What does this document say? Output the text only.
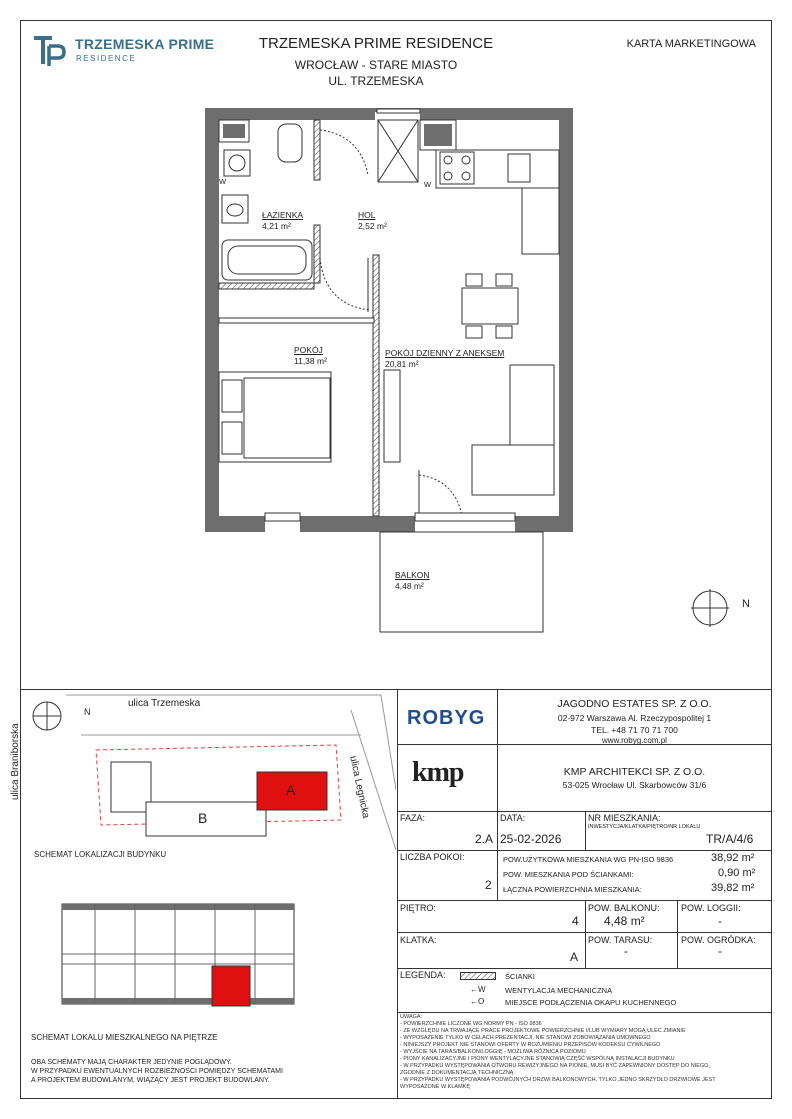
TRZEMESKA PRIME
RESIDENCE
TRZEMESKA PRIME RESIDENCE
WROCŁAW - STARE MIASTO
UL. TRZEMESKA
KARTA MARKETINGOWA
ŁAZIENKA
4,21 m²
HOL
2,52 m²
POKÓJ
11,38 m²
POKÓJ DZIENNY Z ANEKSEM
20,81 m²
BALKON
4,48 m²
W	W
N
N
ulica Trzemeska
ulica Braniborska	ulica Legnicka
A
B
SCHEMAT LOKALIZACJI BUDYNKU
SCHEMAT LOKALU MIESZKALNEGO NA PIĘTRZE
OBA SCHEMATY MAJĄ CHARAKTER JEDYNIE POGLĄDOWY.
W PRZYPADKU EWENTUALNYCH ROZBIEŻNOŚCI POMIĘDZY SCHEMATAMI
A PROJEKTEM BUDOWLANYM, WIĄŻĄCY JEST PROJEKT BUDOWLANY.
ROBYG
JAGODNO ESTATES SP. Z O.O.
02-972 Warszawa Al. Rzeczypospolitej 1
TEL. +48 71 70 71 700
www.robyg.com.pl
kmp	KMP ARCHITEKCI SP. Z O.O.
53-025 Wrocław Ul. Skarbowców 31/6
FAZA:
2.A
DATA:
25-02-2026
NR MIESZKANIA:
INWESTYCJA/KLATKA/PIĘTRO/NR LOKALU
TR/A/4/6
LICZBA POKOI:
2
POW.UŻYTKOWA MIESZKANIA WG PN-ISO 9836	38,92 m²
POW. MIESZKANIA POD ŚCIANKAMI:	0,90 m²
ŁĄCZNA POWIERZCHNIA MIESZKANIA:	39,82 m²
PIĘTRO:
4
POW. BALKONU:
4,48 m²
POW. LOGGII:
-
KLATKA:
A
POW. TARASU:
-
POW. OGRÓDKA:
-
LEGENDA:	ŚCIANKI
←W	WENTYLACJA MECHANICZNA
←O	MIEJSCE PODŁĄCZENIA OKAPU KUCHENNEGO
UWAGA:
- POWIERZCHNIE LICZONE WG NORMY PN - ISO 9836
- ZE WZGLĘDU NA TRWAJĄCE PRACE PROJEKTOWE POWIERZCHNIE I/LUB WYMIARY MOGĄ ULEC ZMIANIE
- WYPOSAŻENIE TYLKO W CELACH PREZENTACJI, NIE STANOWI ZOBOWIĄZANIA UMOWNEGO
- NINIEJSZY PROJEKT NIE STANOWI OFERTY W ROZUMIENIU PRZEPISÓW KODEKSU CYWILNEGO
- WYJŚCIE NA TARAS/BALKON/LOGGIĘ - MOŻLIWA RÓŻNICA POZIOMU
- PIONY KANALIZACYJNE I PIONY WENTYLACYJNE STANOWIĄ CZĘŚĆ WSPÓLNĄ INSTALACJI BUDYNKU
- W PRZYPADKU WYSTĘPOWANIA OTWORU REWIZYJNEGO NA PIONIE, MUSI BYĆ ZAPEWNIONY DOSTĘP DO NIEGO,
ZGODNIE Z DOKUMENTACJĄ TECHNICZNĄ
- W PRZYPADKU WYSTĘPOWANIA PODWÓJNYCH DRZWI BALKONOWYCH, TYLKO JEDNO SKRZYDŁO DRZWIOWE JEST
WYPOSAŻONE W KLAMKĘ
